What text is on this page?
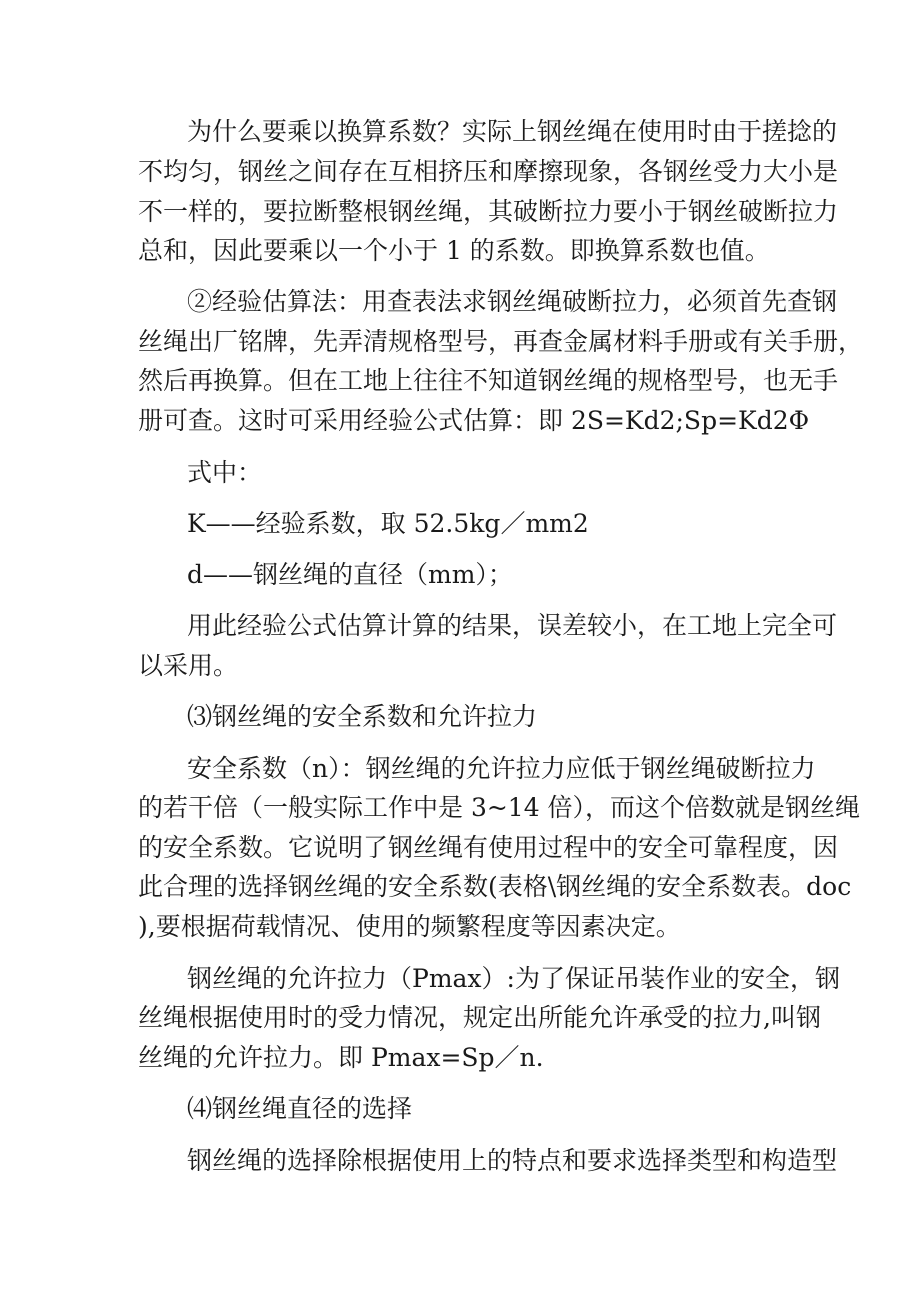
为什么要乘以换算系数？实际上钢丝绳在使用时由于搓捻的
不均匀，钢丝之间存在互相挤压和摩擦现象，各钢丝受力大小是
不一样的，要拉断整根钢丝绳，其破断拉力要小于钢丝破断拉力
总和，因此要乘以一个小于 1 的系数。即换算系数也值。
②经验估算法：用查表法求钢丝绳破断拉力，必须首先查钢
丝绳出厂铭牌，先弄清规格型号，再查金属材料手册或有关手册，
然后再换算。但在工地上往往不知道钢丝绳的规格型号，也无手
册可查。这时可采用经验公式估算：即 2S=Kd2;Sp=Kd2Φ
式中：
K——经验系数，取 52.5kg／mm2
d——钢丝绳的直径（mm）；
用此经验公式估算计算的结果，误差较小，在工地上完全可
以采用。
⑶钢丝绳的安全系数和允许拉力
安全系数（n）：钢丝绳的允许拉力应低于钢丝绳破断拉力
的若干倍（一般实际工作中是 3~14 倍），而这个倍数就是钢丝绳
的安全系数。它说明了钢丝绳有使用过程中的安全可靠程度，因
此合理的选择钢丝绳的安全系数(表格\钢丝绳的安全系数表。doc
),要根据荷载情况、使用的频繁程度等因素决定。
钢丝绳的允许拉力（Pmax）:为了保证吊装作业的安全，钢
丝绳根据使用时的受力情况，规定出所能允许承受的拉力,叫钢
丝绳的允许拉力。即 Pmax=Sp／n.
⑷钢丝绳直径的选择
钢丝绳的选择除根据使用上的特点和要求选择类型和构造型
